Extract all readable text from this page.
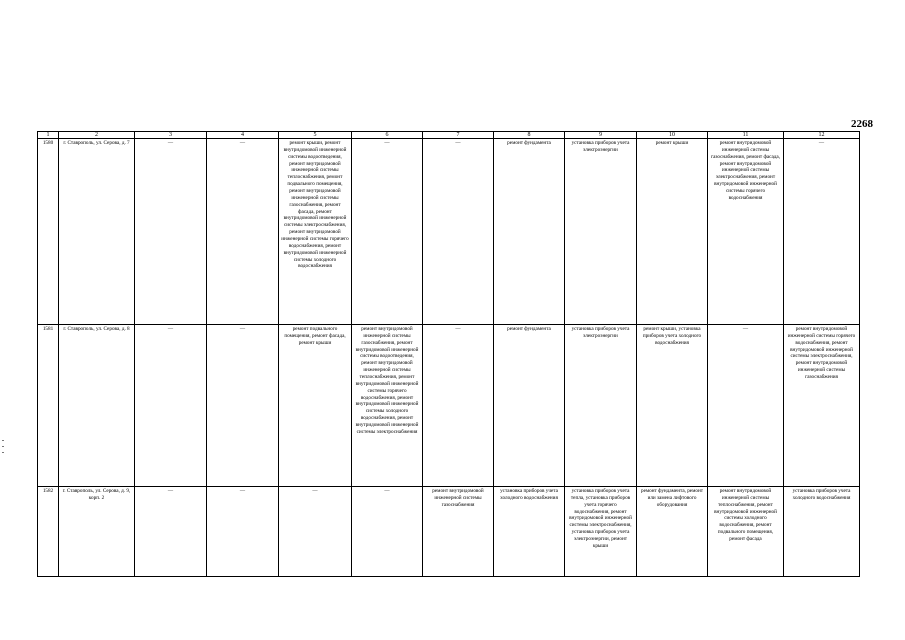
2268
1	2	3	4	5	6	7	8	9	10	11	12
1580	г. Ставрополь, ул. Серова, д. 7	—	—	ремонт крыши, ремонт внутридомовой инженерной системы водоотведения, ремонт внутридомовой инженерной системы теплоснабжения, ремонт подвального помещения, ремонт внутридомовой инженерной системы газоснабжения, ремонт фасада, ремонт внутридомовой инженерной системы электроснабжения, ремонт внутридомовой инженерной системы горячего водоснабжения, ремонт внутридомовой инженерной системы холодного водоснабжения	—	—	ремонт фундамента	установка приборов учета электроэнергии	ремонт крыши	ремонт внутридомовой инженерной системы газоснабжения, ремонт фасада, ремонт внутридомовой инженерной системы электроснабжения, ремонт внутридомовой инженерной системы горячего водоснабжения	—
1581	г. Ставрополь, ул. Серова, д. 8	—	—	ремонт подвального помещения, ремонт фасада, ремонт крыши	ремонт внутридомовой инженерной системы газоснабжения, ремонт внутридомовой инженерной системы водоотведения, ремонт внутридомовой инженерной системы теплоснабжения, ремонт внутридомовой инженерной системы горячего водоснабжения, ремонт внутридомовой инженерной системы холодного водоснабжения, ремонт внутридомовой инженерной системы электроснабжения	—	ремонт фундамента	установка приборов учета электроэнергии	ремонт крыши, установка приборов учета холодного водоснабжения	—	ремонт внутридомовой инженерной системы горячего водоснабжения, ремонт внутридомовой инженерной системы электроснабжения, ремонт внутридомовой инженерной системы газоснабжения
1582	г. Ставрополь, ул. Серова, д. 9, корп. 2	—	—	—	—	ремонт внутридомовой инженерной системы газоснабжения	установка приборов учета холодного водоснабжения	установка приборов учета тепла, установка приборов учета горячего водоснабжения, ремонт внутридомовой инженерной системы электроснабжения, установка приборов учета электроэнергии, ремонт крыши	ремонт фундамента, ремонт или замена лифтового оборудования	ремонт внутридомовой инженерной системы теплоснабжения, ремонт внутридомовой инженерной системы холодного водоснабжения, ремонт подвального помещения, ремонт фасада	установка приборов учета холодного водоснабжения
